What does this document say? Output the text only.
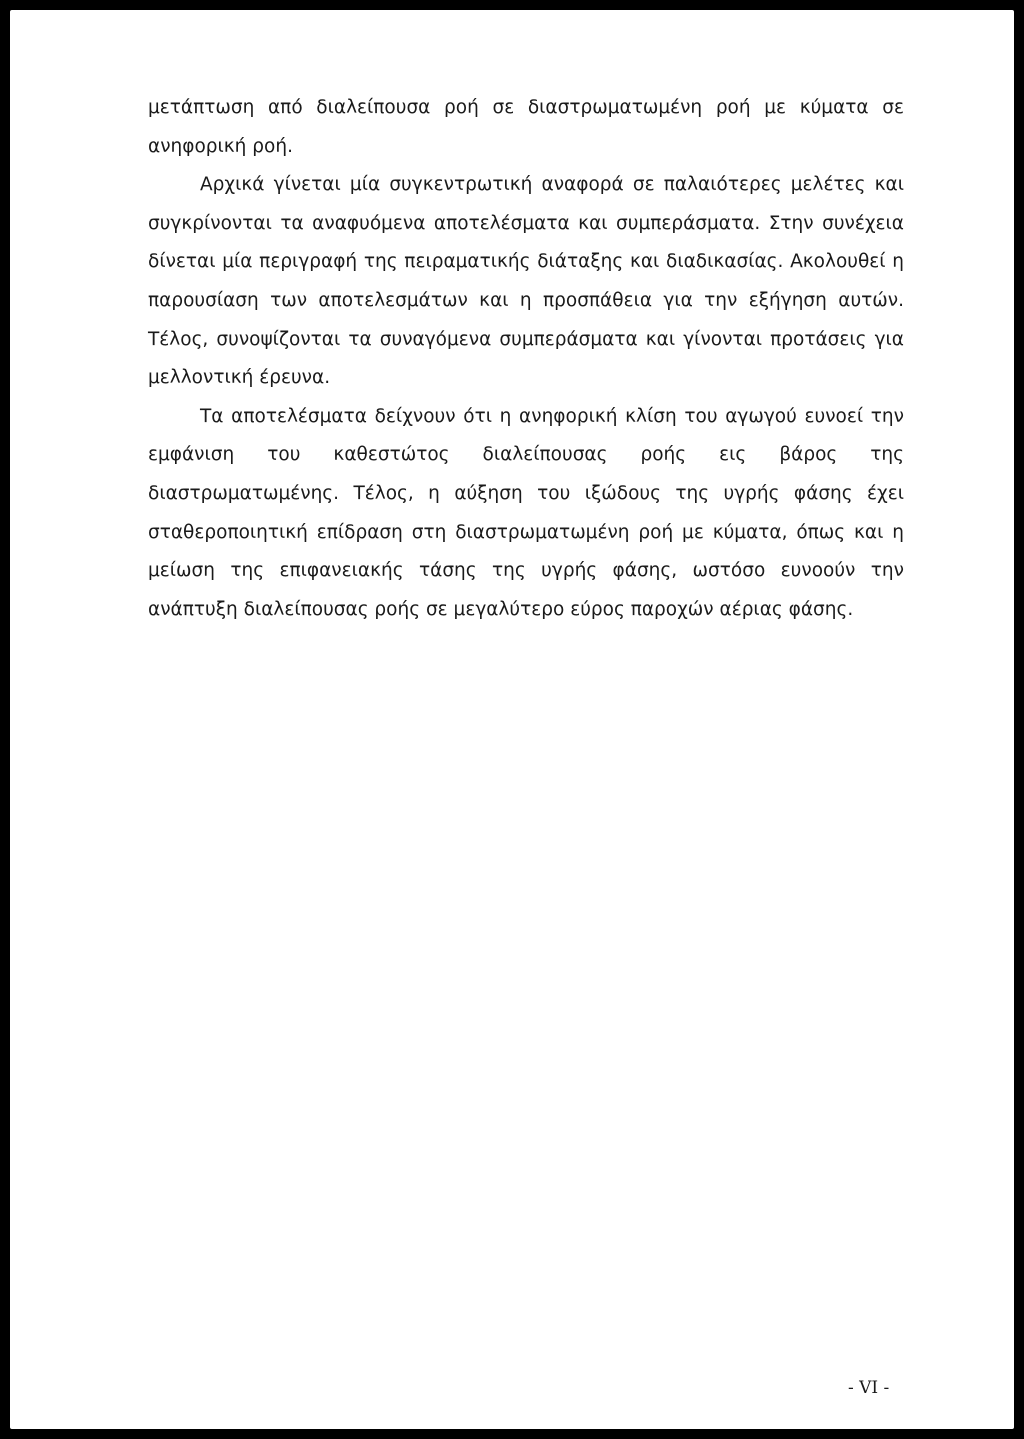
μετάπτωση από διαλείπουσα ροή σε διαστρωματωμένη ροή με κύματα σε ανηφορική ροή.

Αρχικά γίνεται μία συγκεντρωτική αναφορά σε παλαιότερες μελέτες και συγκρίνονται τα αναφυόμενα αποτελέσματα και συμπεράσματα. Στην συνέχεια δίνεται μία περιγραφή της πειραματικής διάταξης και διαδικασίας. Ακολουθεί η παρουσίαση των αποτελεσμάτων και η προσπάθεια για την εξήγηση αυτών. Τέλος, συνοψίζονται τα συναγόμενα συμπεράσματα και γίνονται προτάσεις για μελλοντική έρευνα.

Τα αποτελέσματα δείχνουν ότι η ανηφορική κλίση του αγωγού ευνοεί την εμφάνιση του καθεστώτος διαλείπουσας ροής εις βάρος της διαστρωματωμένης. Τέλος, η αύξηση του ιξώδους της υγρής φάσης έχει σταθεροποιητική επίδραση στη διαστρωματωμένη ροή με κύματα, όπως και η μείωση της επιφανειακής τάσης της υγρής φάσης, ωστόσο ευνοούν την ανάπτυξη διαλείπουσας ροής σε μεγαλύτερο εύρος παροχών αέριας φάσης.

- VI -
